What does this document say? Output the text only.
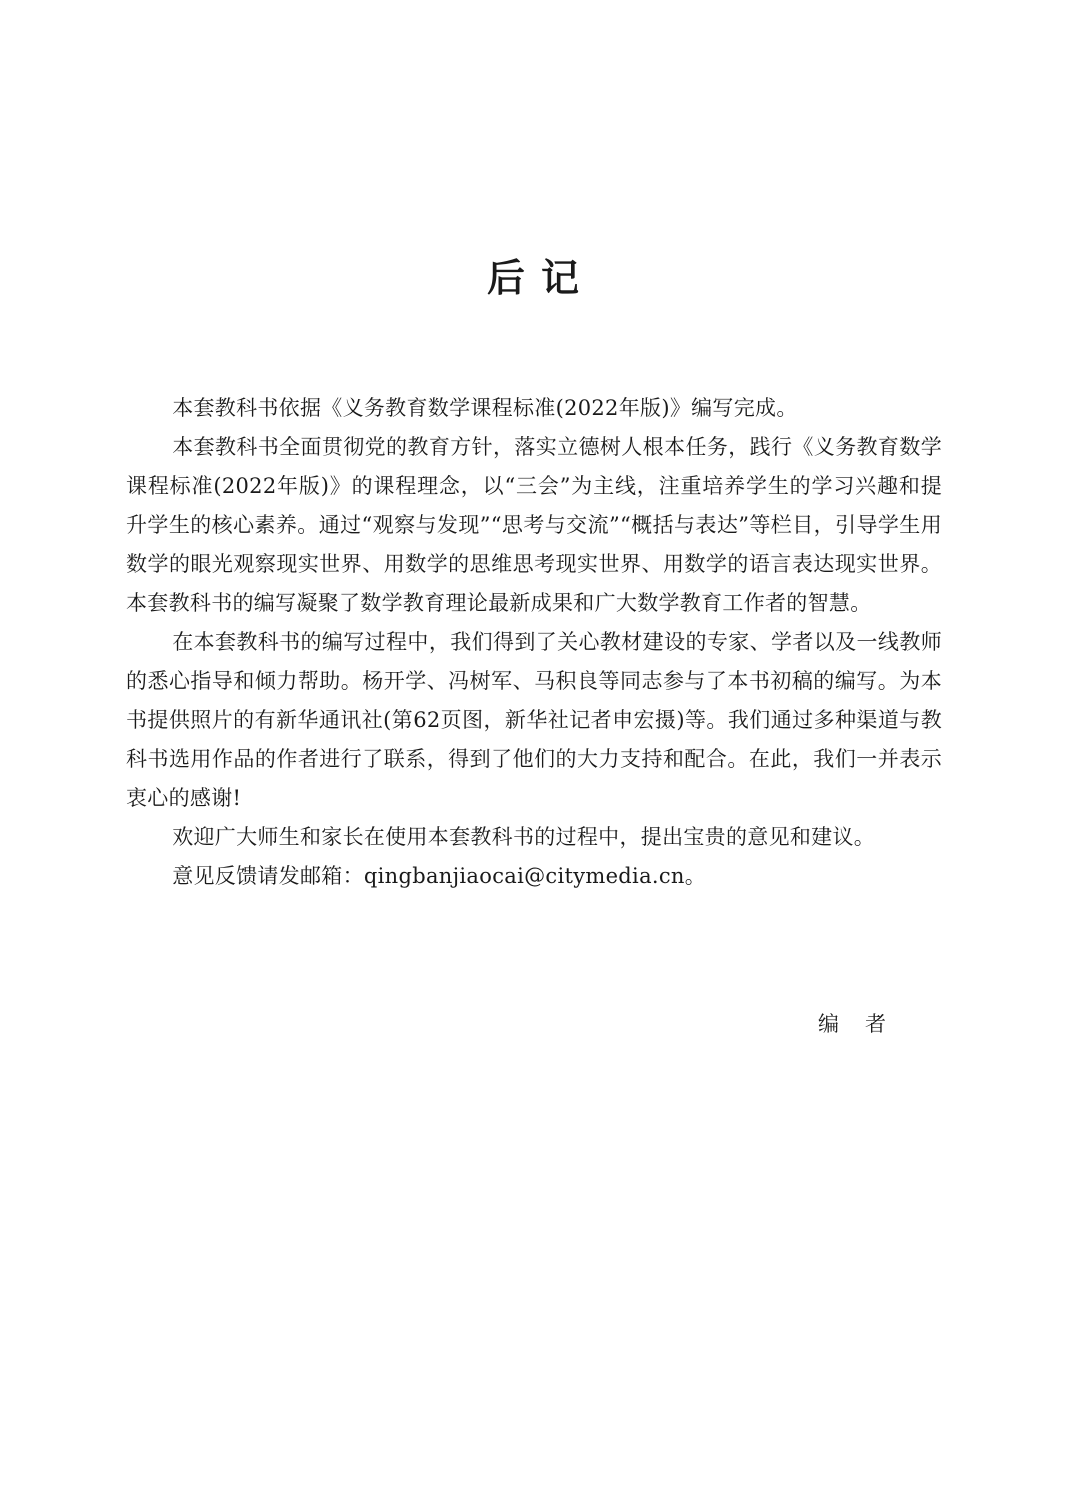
后记

本套教科书依据《义务教育数学课程标准(2022年版)》编写完成。

本套教科书全面贯彻党的教育方针，落实立德树人根本任务，践行《义务教育数学课程标准(2022年版)》的课程理念，以“三会”为主线，注重培养学生的学习兴趣和提升学生的核心素养。通过“观察与发现”“思考与交流”“概括与表达”等栏目，引导学生用数学的眼光观察现实世界、用数学的思维思考现实世界、用数学的语言表达现实世界。本套教科书的编写凝聚了数学教育理论最新成果和广大数学教育工作者的智慧。

在本套教科书的编写过程中，我们得到了关心教材建设的专家、学者以及一线教师的悉心指导和倾力帮助。杨开学、冯树军、马积良等同志参与了本书初稿的编写。为本书提供照片的有新华通讯社(第62页图，新华社记者申宏摄)等。我们通过多种渠道与教科书选用作品的作者进行了联系，得到了他们的大力支持和配合。在此，我们一并表示衷心的感谢!

欢迎广大师生和家长在使用本套教科书的过程中，提出宝贵的意见和建议。

意见反馈请发邮箱：qingbanjiaocai@citymedia.cn。

编者
